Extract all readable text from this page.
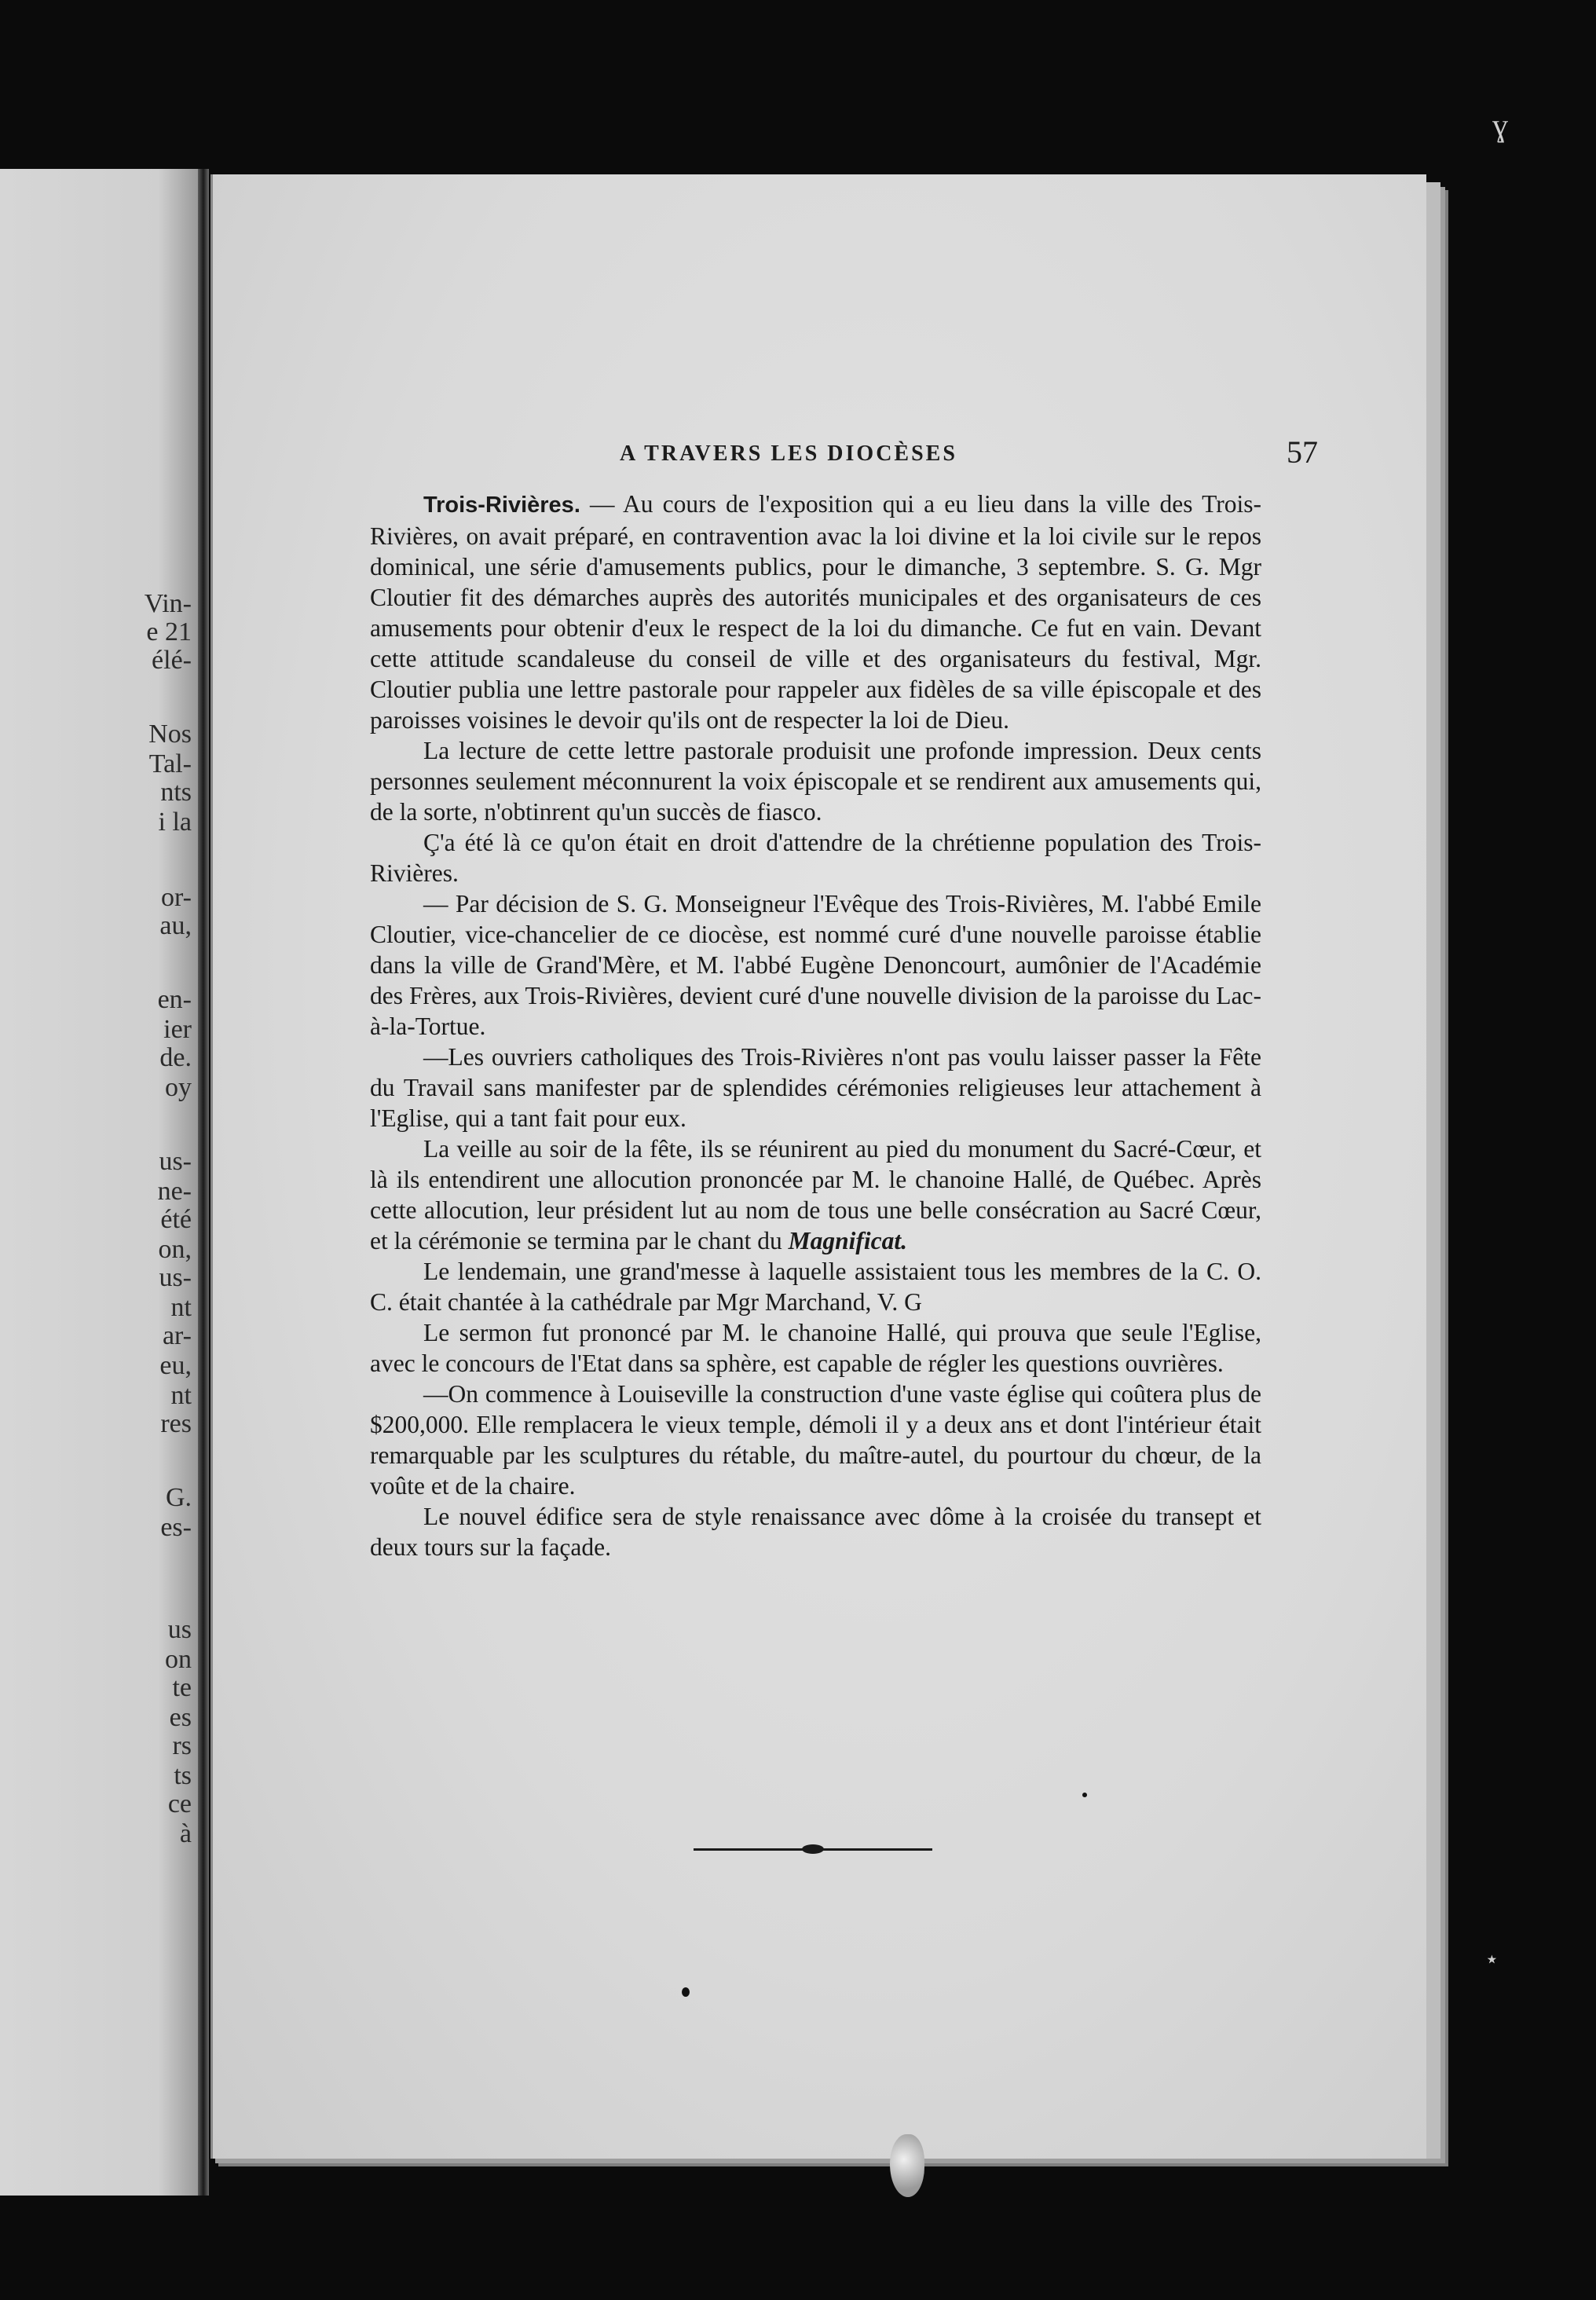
Vin-
e 21
élé-
Nos
Tal-
nts
i la
or-
au,
en-
ier
de.
oy
us-
ne-
été
on,
us-
nt
ar-
eu,
nt
res
G.
es-
us
on
te
es
rs
ts
ce
à
A TRAVERS LES DIOCÈSES	57

Trois-Rivières. — Au cours de l'exposition qui a eu lieu dans la ville des Trois-Rivières, on avait préparé, en contravention avac la loi divine et la loi civile sur le repos dominical, une série d'amusements publics, pour le dimanche, 3 septembre. S. G. Mgr Cloutier fit des démarches auprès des autorités municipales et des organisateurs de ces amusements pour obtenir d'eux le respect de la loi du dimanche. Ce fut en vain. Devant cette attitude scandaleuse du conseil de ville et des organisateurs du festival, Mgr. Cloutier publia une lettre pastorale pour rappeler aux fidèles de sa ville épiscopale et des paroisses voisines le devoir qu'ils ont de respecter la loi de Dieu.

La lecture de cette lettre pastorale produisit une profonde impression. Deux cents personnes seulement méconnurent la voix épiscopale et se rendirent aux amusements qui, de la sorte, n'obtinrent qu'un succès de fiasco.

Ç'a été là ce qu'on était en droit d'attendre de la chrétienne population des Trois-Rivières.

— Par décision de S. G. Monseigneur l'Evêque des Trois-Rivières, M. l'abbé Emile Cloutier, vice-chancelier de ce diocèse, est nommé curé d'une nouvelle paroisse établie dans la ville de Grand'Mère, et M. l'abbé Eugène Denoncourt, aumônier de l'Académie des Frères, aux Trois-Rivières, devient curé d'une nouvelle division de la paroisse du Lac-à-la-Tortue.

—Les ouvriers catholiques des Trois-Rivières n'ont pas voulu laisser passer la Fête du Travail sans manifester par de splendides cérémonies religieuses leur attachement à l'Eglise, qui a tant fait pour eux.

La veille au soir de la fête, ils se réunirent au pied du monument du Sacré-Cœur, et là ils entendirent une allocution prononcée par M. le chanoine Hallé, de Québec. Après cette allocution, leur président lut au nom de tous une belle consécration au Sacré Cœur, et la cérémonie se termina par le chant du Magnificat.

Le lendemain, une grand'messe à laquelle assistaient tous les membres de la C. O. C. était chantée à la cathédrale par Mgr Marchand, V. G

Le sermon fut prononcé par M. le chanoine Hallé, qui prouva que seule l'Eglise, avec le concours de l'Etat dans sa sphère, est capable de régler les questions ouvrières.

—On commence à Louiseville la construction d'une vaste église qui coûtera plus de $200,000. Elle remplacera le vieux temple, démoli il y a deux ans et dont l'intérieur était remarquable par les sculptures du rétable, du maître-autel, du pourtour du chœur, de la voûte et de la chaire.

Le nouvel édifice sera de style renaissance avec dôme à la croisée du transept et deux tours sur la façade.

ɣ
⋆
